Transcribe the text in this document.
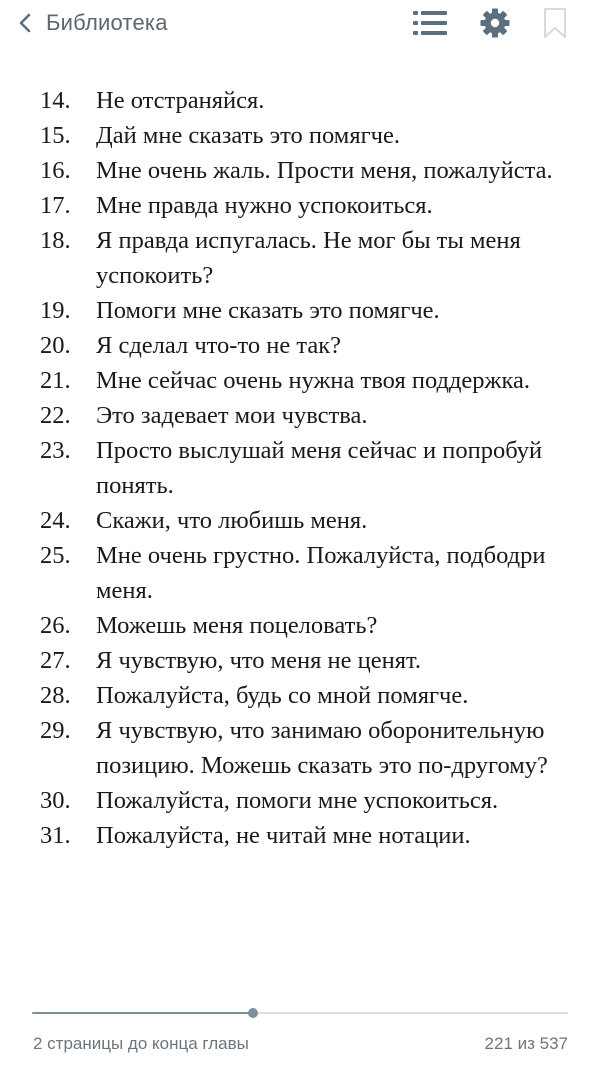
Библиотека
14.	Не отстраняйся.
15.	Дай мне сказать это помягче.
16.	Мне очень жаль. Прости меня, пожалуйста.
17.	Мне правда нужно успокоиться.
18.	Я правда испугалась. Не мог бы ты меня успокоить?
19.	Помоги мне сказать это помягче.
20.	Я сделал что-то не так?
21.	Мне сейчас очень нужна твоя поддержка.
22.	Это задевает мои чувства.
23.	Просто выслушай меня сейчас и попробуй понять.
24.	Скажи, что любишь меня.
25.	Мне очень грустно. Пожалуйста, подбодри меня.
26.	Можешь меня поцеловать?
27.	Я чувствую, что меня не ценят.
28.	Пожалуйста, будь со мной помягче.
29.	Я чувствую, что занимаю оборонительную позицию. Можешь сказать это по-другому?
30.	Пожалуйста, помоги мне успокоиться.
31.	Пожалуйста, не читай мне нотации.
2 страницы до конца главы	221 из 537
